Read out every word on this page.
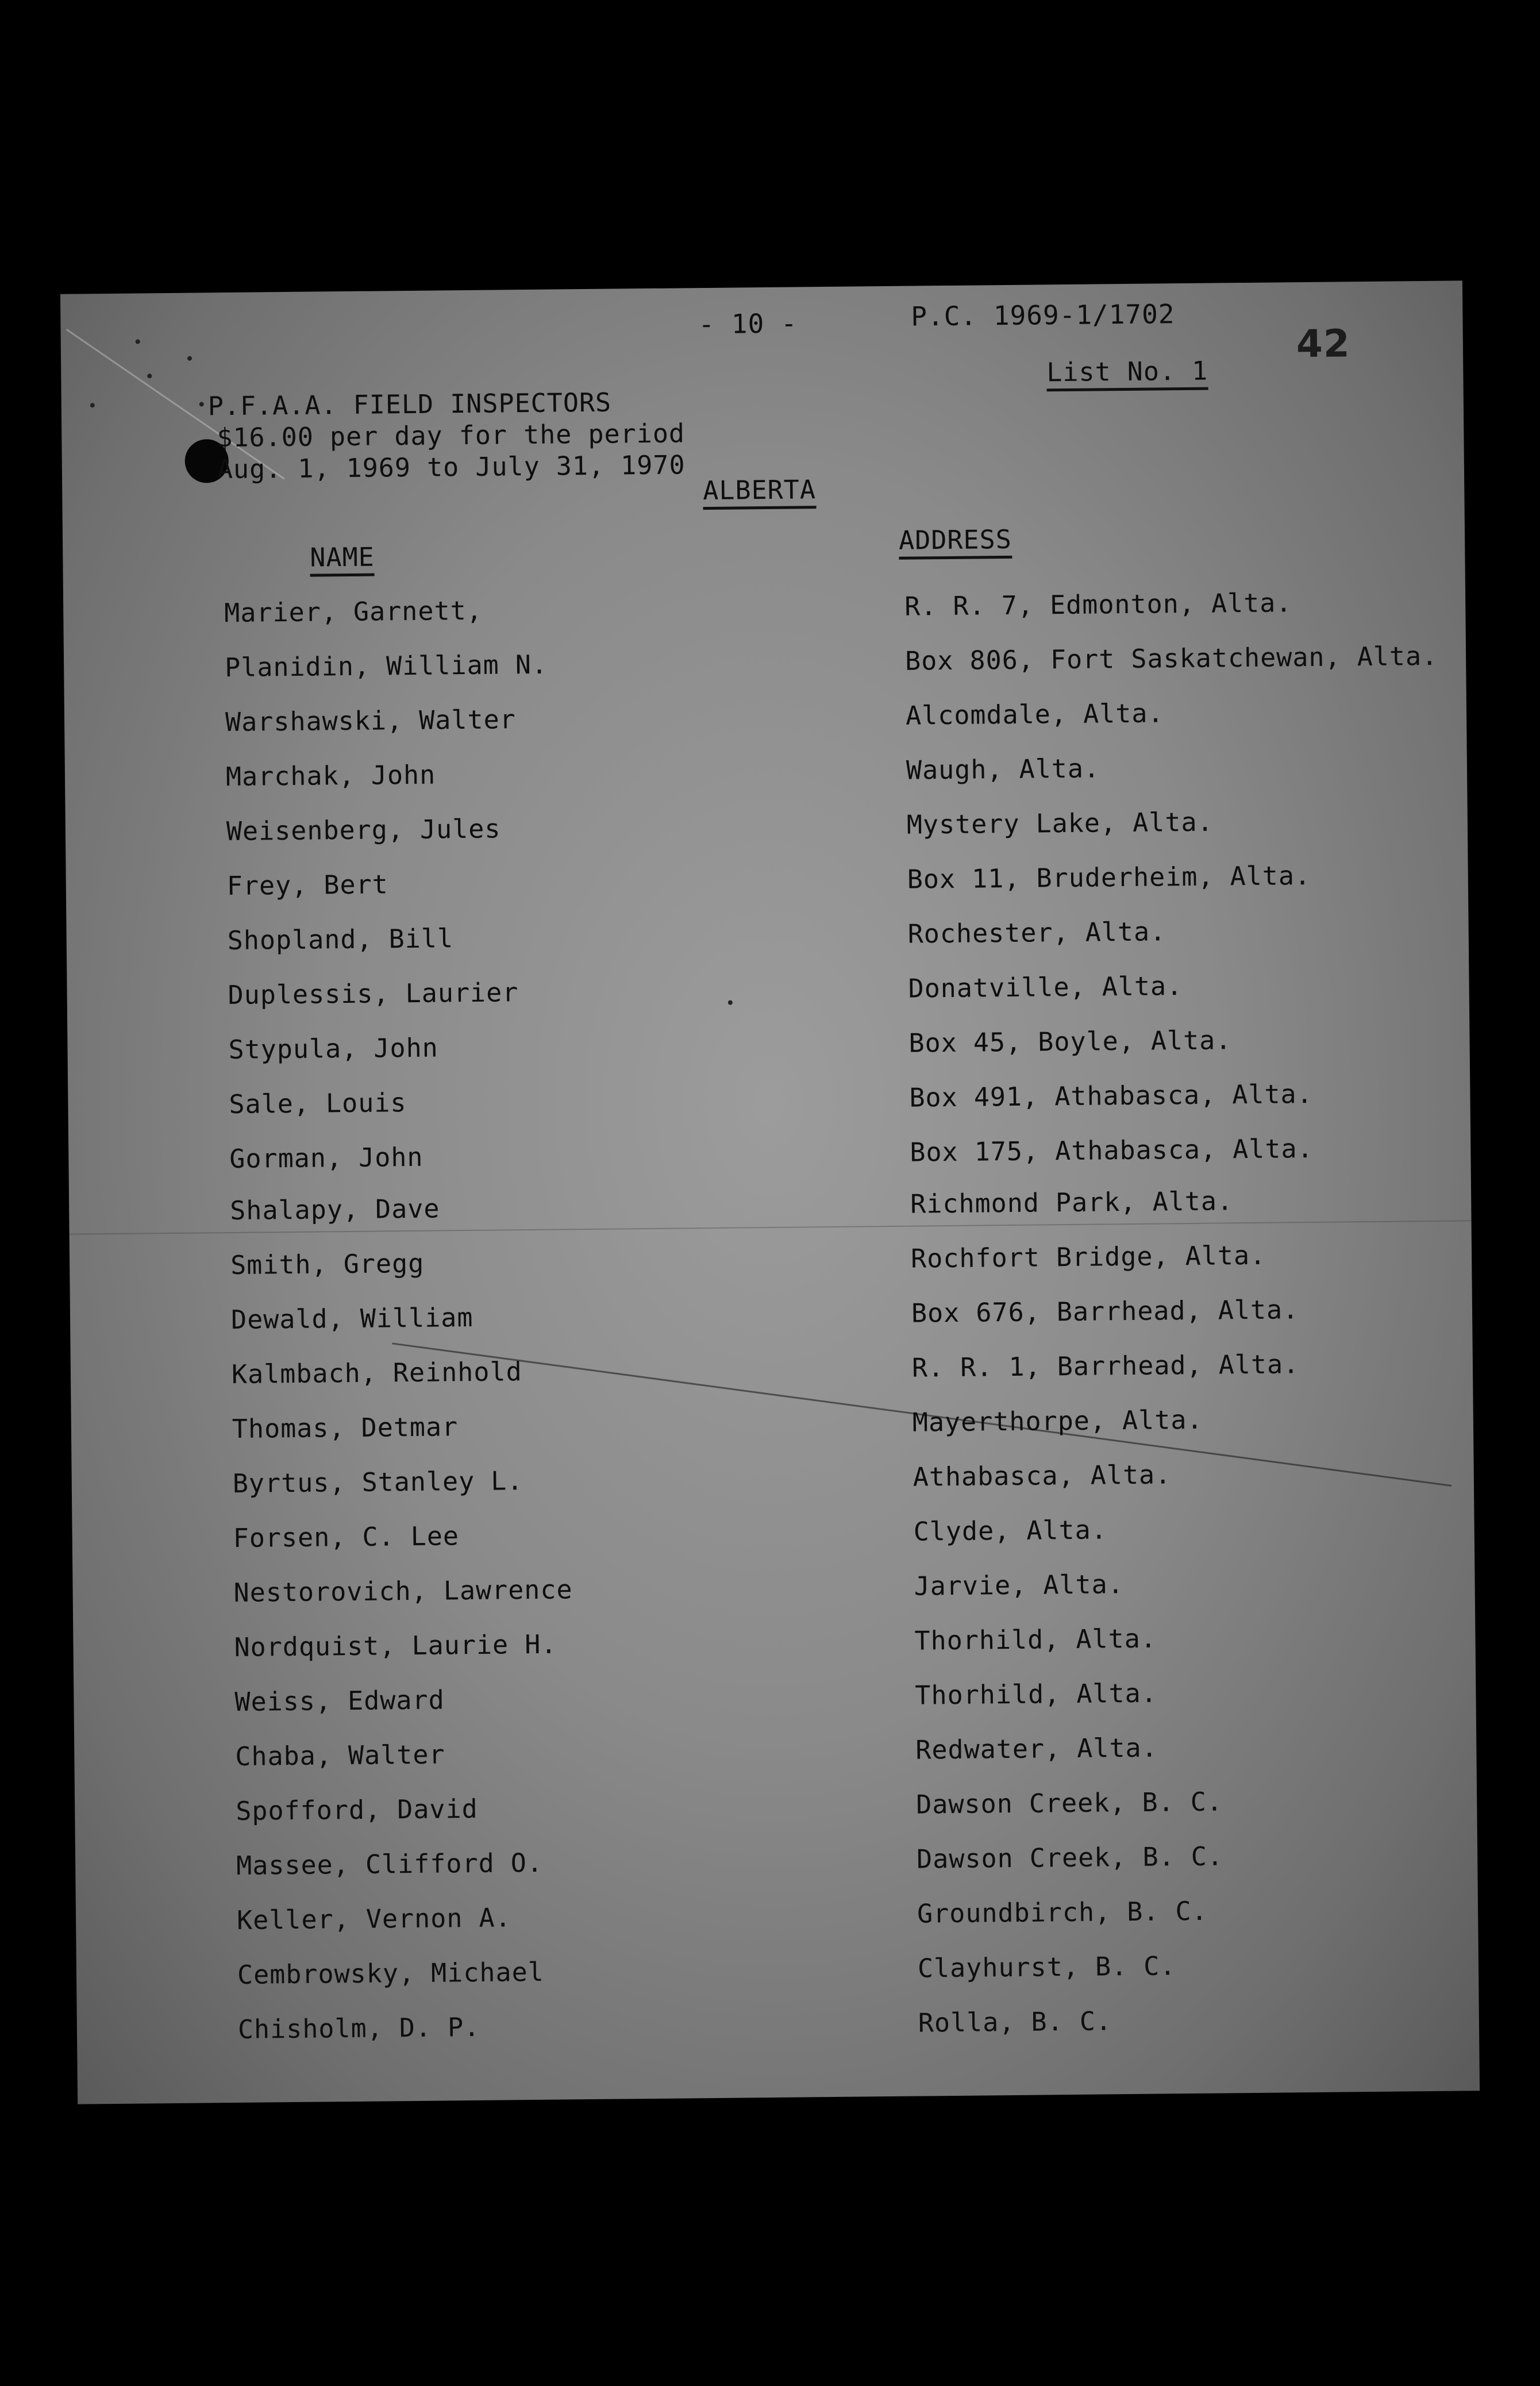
- 10 -	P.C. 1969-1/1702
42
List No. 1
P.F.A.A. FIELD INSPECTORS
$16.00 per day for the period
Aug. 1, 1969 to July 31, 1970
ALBERTA
NAME
ADDRESS
Marier, Garnett,	R. R. 7, Edmonton, Alta.
Planidin, William N.	Box 806, Fort Saskatchewan, Alta.
Warshawski, Walter	Alcomdale, Alta.
Marchak, John	Waugh, Alta.
Weisenberg, Jules	Mystery Lake, Alta.
Frey, Bert	Box 11, Bruderheim, Alta.
Shopland, Bill	Rochester, Alta.
Duplessis, Laurier	Donatville, Alta.
Stypula, John	Box 45, Boyle, Alta.
Sale, Louis	Box 491, Athabasca, Alta.
Gorman, John	Box 175, Athabasca, Alta.
Shalapy, Dave	Richmond Park, Alta.
Smith, Gregg	Rochfort Bridge, Alta.
Dewald, William	Box 676, Barrhead, Alta.
Kalmbach, Reinhold	R. R. 1, Barrhead, Alta.
Thomas, Detmar	Mayerthorpe, Alta.
Byrtus, Stanley L.	Athabasca, Alta.
Forsen, C. Lee	Clyde, Alta.
Nestorovich, Lawrence	Jarvie, Alta.
Nordquist, Laurie H.	Thorhild, Alta.
Weiss, Edward	Thorhild, Alta.
Chaba, Walter	Redwater, Alta.
Spofford, David	Dawson Creek, B. C.
Massee, Clifford O.	Dawson Creek, B. C.
Keller, Vernon A.	Groundbirch, B. C.
Cembrowsky, Michael	Clayhurst, B. C.
Chisholm, D. P.	Rolla, B. C.
